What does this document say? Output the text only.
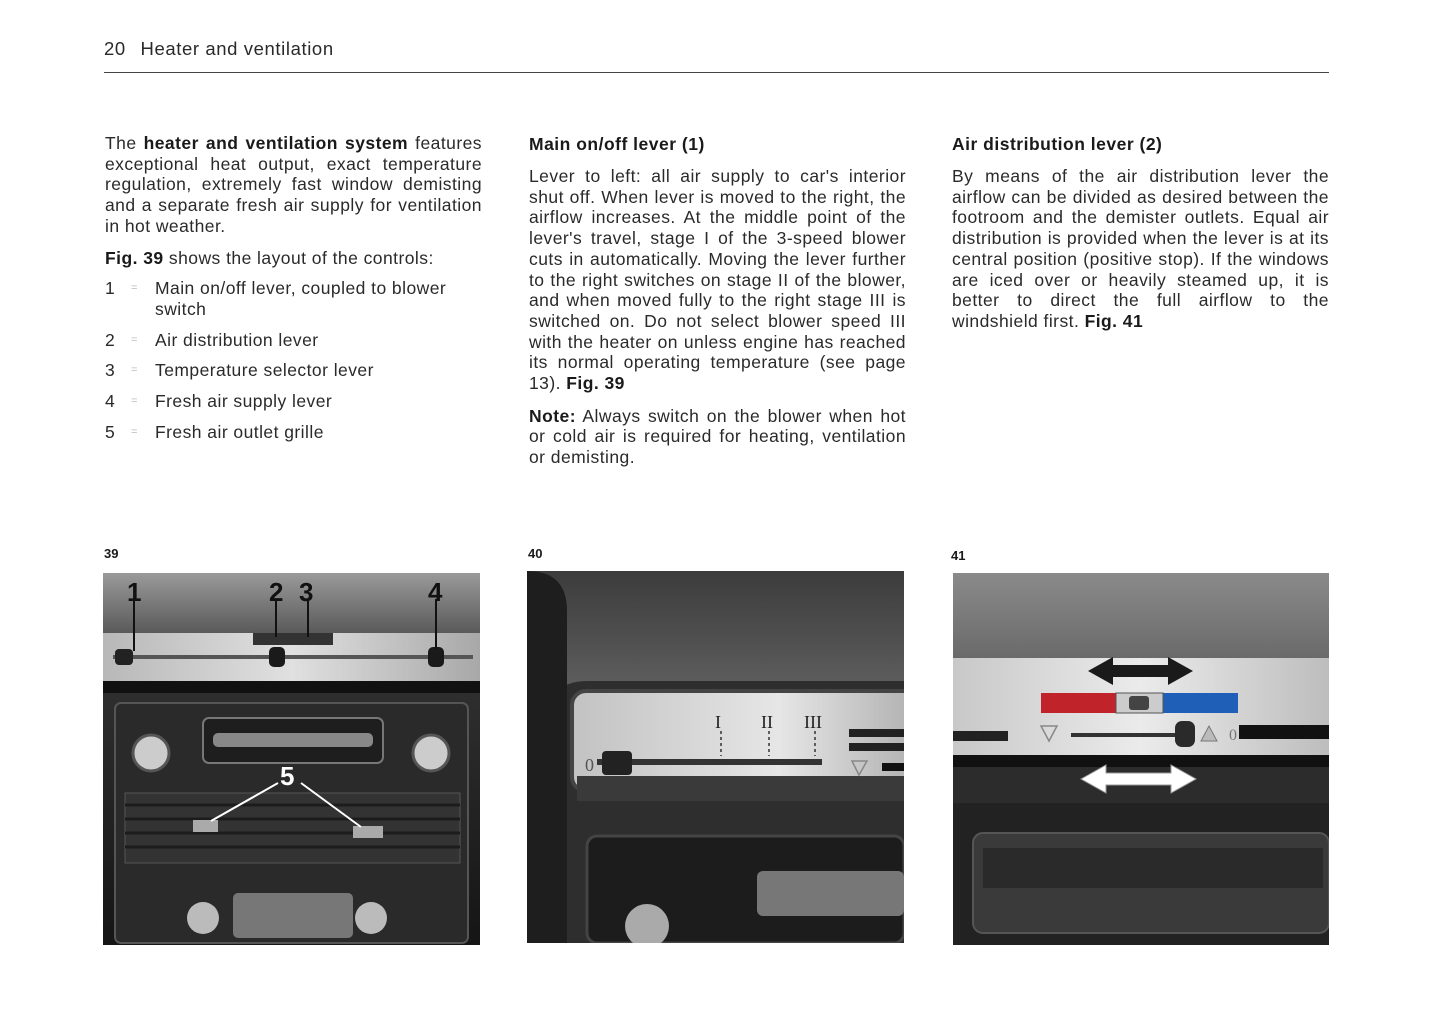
20 Heater and ventilation

The heater and ventilation system features exceptional heat output, exact temperature regulation, extremely fast window demisting and a separate fresh air supply for ventilation in hot weather.

Fig. 39 shows the layout of the controls:

1	= Main on/off lever, coupled to blower switch
2	= Air distribution lever
3	= Temperature selector lever
4	= Fresh air supply lever
5	= Fresh air outlet grille
Main on/off lever (1)

Lever to left: all air supply to car's interior shut off. When lever is moved to the right, the airflow increases. At the middle point of the lever's travel, stage I of the 3-speed blower cuts in automatically. Moving the lever further to the right switches on stage II of the blower, and when moved fully to the right stage III is switched on. Do not select blower speed III with the heater on unless engine has reached its normal operating temperature (see page 13). Fig. 39

Note: Always switch on the blower when hot or cold air is required for heating, ventilation or demisting.

Air distribution lever (2)

By means of the air distribution lever the airflow can be divided as desired between the footroom and the demister outlets. Equal air distribution is provided when the lever is at its central position (positive stop). If the windows are iced over or heavily steamed up, it is better to direct the full airflow to the windshield first. Fig. 41

39	40	41
1	2 3	4
5	0
I II III
0
